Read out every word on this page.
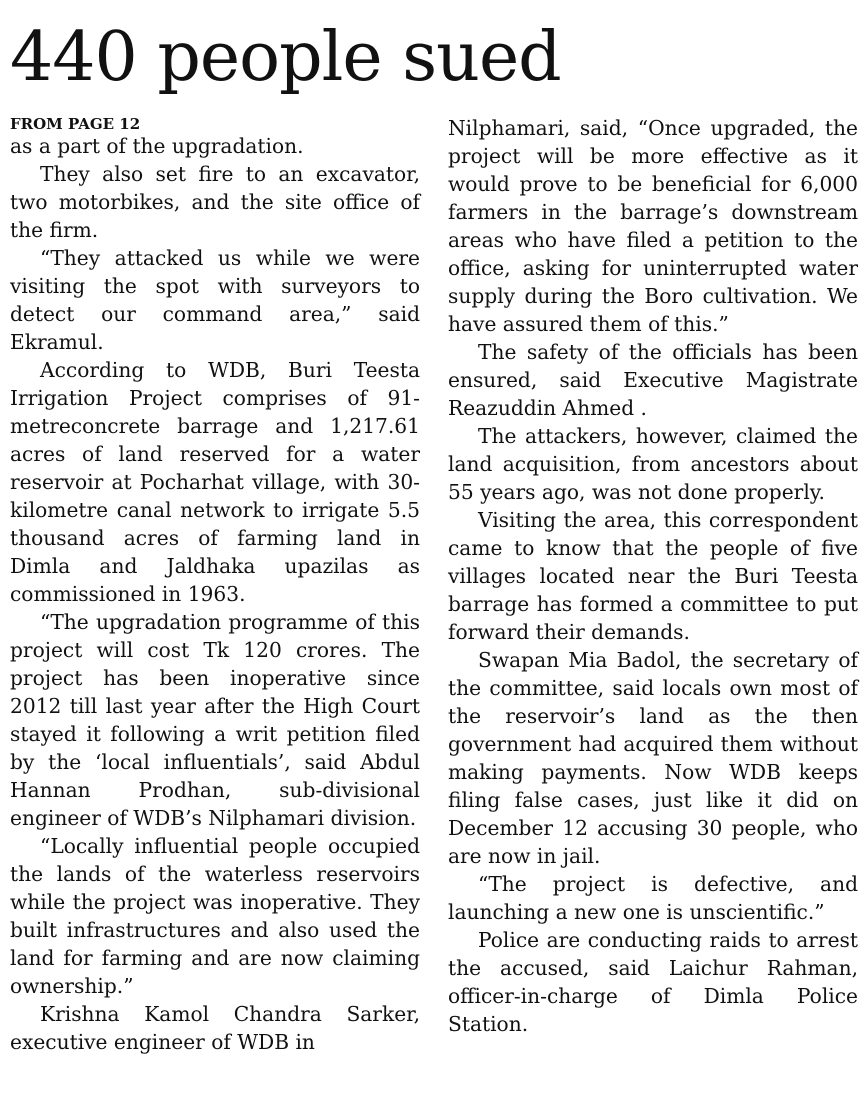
440 people sued
FROM PAGE 12

as a part of the upgradation.

They also set fire to an excavator, two motorbikes, and the site office of the firm.

“They attacked us while we were visiting the spot with surveyors to detect our command area,” said Ekramul.

According to WDB, Buri Teesta Irrigation Project comprises of 91-metreconcrete barrage and 1,217.61 acres of land reserved for a water reservoir at Pocharhat village, with 30-kilometre canal network to irrigate 5.5 thousand acres of farming land in Dimla and Jaldhaka upazilas as commissioned in 1963.

“The upgradation programme of this project will cost Tk 120 crores. The project has been inoperative since 2012 till last year after the High Court stayed it following a writ petition filed by the ‘local influentials’, said Abdul Hannan Prodhan, sub-divisional engineer of WDB’s Nilphamari division.

“Locally influential people occupied the lands of the waterless reservoirs while the project was inoperative. They built infrastructures and also used the land for farming and are now claiming ownership.”

Krishna Kamol Chandra Sarker, executive engineer of WDB in

Nilphamari, said, “Once upgraded, the project will be more effective as it would prove to be beneficial for 6,000 farmers in the barrage’s downstream areas who have filed a petition to the office, asking for uninterrupted water supply during the Boro cultivation. We have assured them of this.”

The safety of the officials has been ensured, said Executive Magistrate Reazuddin Ahmed .

The attackers, however, claimed the land acquisition, from ancestors about 55 years ago, was not done properly.

Visiting the area, this correspondent came to know that the people of five villages located near the Buri Teesta barrage has formed a committee to put forward their demands.

Swapan Mia Badol, the secretary of the committee, said locals own most of the reservoir’s land as the then government had acquired them without making payments. Now WDB keeps filing false cases, just like it did on December 12 accusing 30 people, who are now in jail.

“The project is defective, and launching a new one is unscientific.”

Police are conducting raids to arrest the accused, said Laichur Rahman, officer-in-charge of Dimla Police Station.
